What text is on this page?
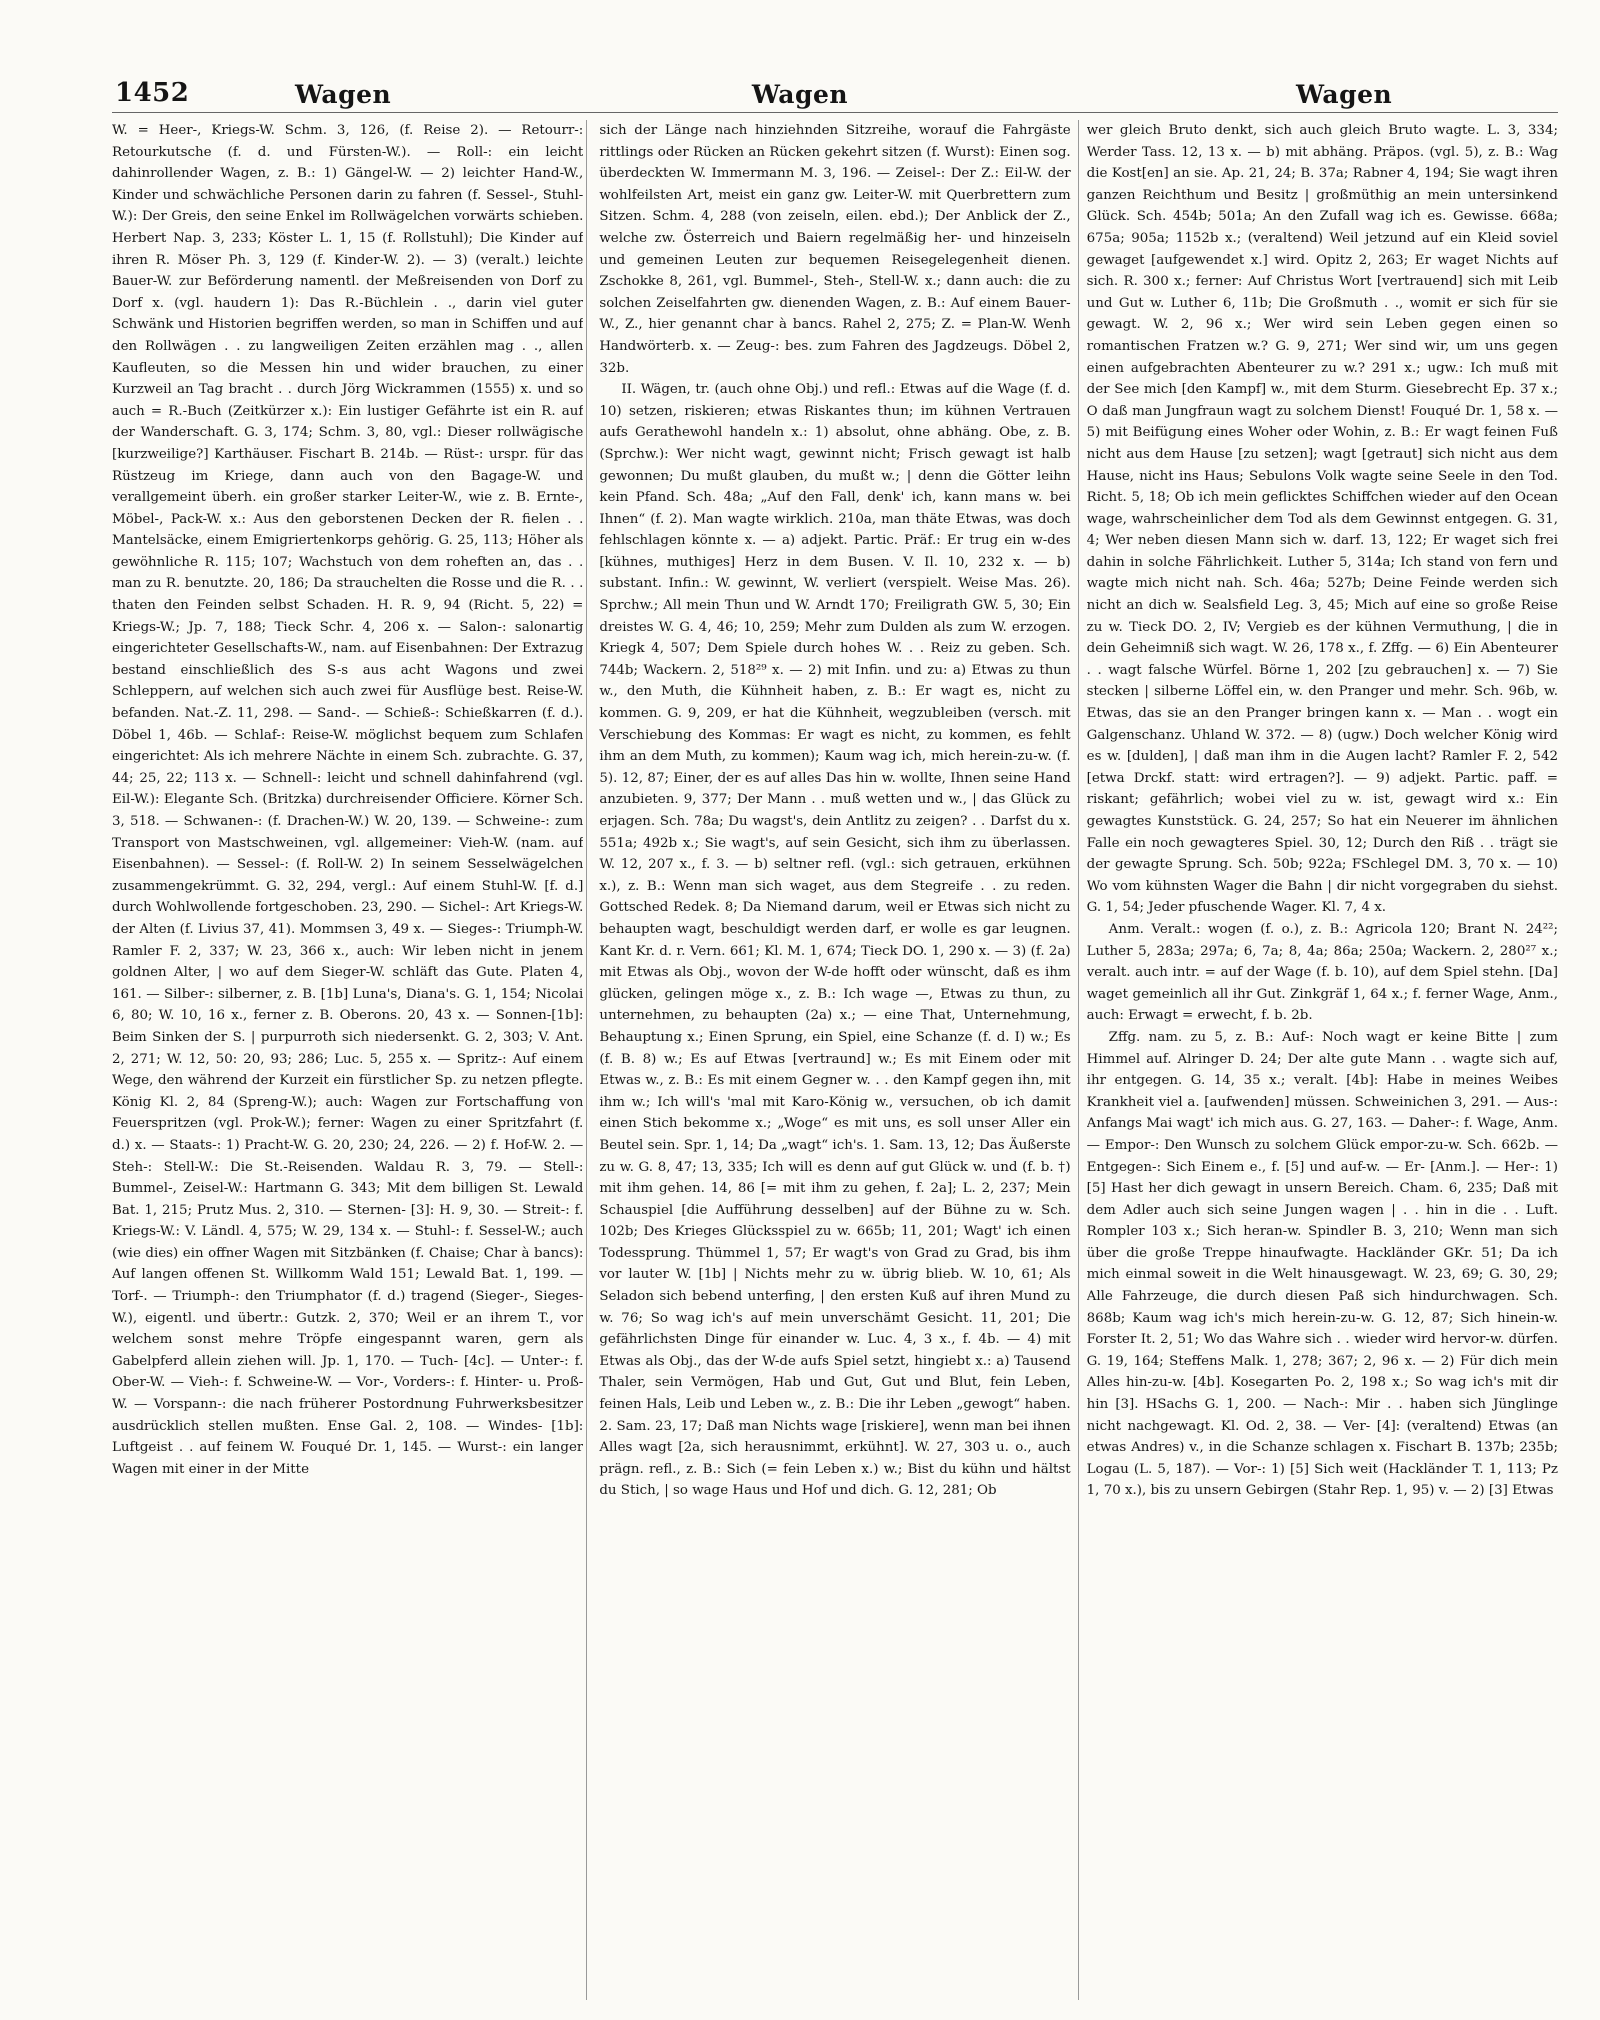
1452	Wagen	Wagen	Wagen

W. = Heer-, Kriegs-W. Schm. 3, 126, (f. Reise 2). — Retourr-: Retourkutsche (f. d. und Fürsten-W.). — Roll-: ein leicht dahinrollender Wagen, z. B.: 1) Gängel-W. — 2) leichter Hand-W., Kinder und schwächliche Personen darin zu fahren (f. Sessel-, Stuhl-W.): Der Greis, den seine Enkel im Rollwägelchen vorwärts schieben. Herbert Nap. 3, 233; Köster L. 1, 15 (f. Rollstuhl); Die Kinder auf ihren R. Möser Ph. 3, 129 (f. Kinder-W. 2). — 3) (veralt.) leichte Bauer-W. zur Beförderung namentl. der Meßreisenden von Dorf zu Dorf x. (vgl. haudern 1): Das R.-Büchlein . ., darin viel guter Schwänk und Historien begriffen werden, so man in Schiffen und auf den Rollwägen . . zu langweiligen Zeiten erzählen mag . ., allen Kaufleuten, so die Messen hin und wider brauchen, zu einer Kurzweil an Tag bracht . . durch Jörg Wickrammen (1555) x. und so auch = R.-Buch (Zeitkürzer x.): Ein lustiger Gefährte ist ein R. auf der Wanderschaft. G. 3, 174; Schm. 3, 80, vgl.: Dieser rollwägische [kurzweilige?] Karthäuser. Fischart B. 214b. — Rüst-: urspr. für das Rüstzeug im Kriege, dann auch von den Bagage-W. und verallgemeint überh. ein großer starker Leiter-W., wie z. B. Ernte-, Möbel-, Pack-W. x.: Aus den geborstenen Decken der R. fielen . . Mantelsäcke, einem Emigriertenkorps gehörig. G. 25, 113; Höher als gewöhnliche R. 115; 107; Wachstuch von dem roheften an, das . . man zu R. benutzte. 20, 186; Da strauchelten die Rosse und die R. . . thaten den Feinden selbst Schaden. H. R. 9, 94 (Richt. 5, 22) = Kriegs-W.; Jp. 7, 188; Tieck Schr. 4, 206 x. — Salon-: salonartig eingerichteter Gesellschafts-W., nam. auf Eisenbahnen: Der Extrazug bestand einschließlich des S-s aus acht Wagons und zwei Schleppern, auf welchen sich auch zwei für Ausflüge best. Reise-W. befanden. Nat.-Z. 11, 298. — Sand-. — Schieß-: Schießkarren (f. d.). Döbel 1, 46b. — Schlaf-: Reise-W. möglichst bequem zum Schlafen eingerichtet: Als ich mehrere Nächte in einem Sch. zubrachte. G. 37, 44; 25, 22; 113 x. — Schnell-: leicht und schnell dahinfahrend (vgl. Eil-W.): Elegante Sch. (Britzka) durchreisender Officiere. Körner Sch. 3, 518. — Schwanen-: (f. Drachen-W.) W. 20, 139. — Schweine-: zum Transport von Mastschweinen, vgl. allgemeiner: Vieh-W. (nam. auf Eisenbahnen). — Sessel-: (f. Roll-W. 2) In seinem Sesselwägelchen zusammengekrümmt. G. 32, 294, vergl.: Auf einem Stuhl-W. [f. d.] durch Wohlwollende fortgeschoben. 23, 290. — Sichel-: Art Kriegs-W. der Alten (f. Livius 37, 41). Mommsen 3, 49 x. — Sieges-: Triumph-W. Ramler F. 2, 337; W. 23, 366 x., auch: Wir leben nicht in jenem goldnen Alter, | wo auf dem Sieger-W. schläft das Gute. Platen 4, 161. — Silber-: silberner, z. B. [1b] Luna's, Diana's. G. 1, 154; Nicolai 6, 80; W. 10, 16 x., ferner z. B. Oberons. 20, 43 x. — Sonnen-[1b]: Beim Sinken der S. | purpurroth sich niedersenkt. G. 2, 303; V. Ant. 2, 271; W. 12, 50: 20, 93; 286; Luc. 5, 255 x. — Spritz-: Auf einem Wege, den während der Kurzeit ein fürstlicher Sp. zu netzen pflegte. König Kl. 2, 84 (Spreng-W.); auch: Wagen zur Fortschaffung von Feuerspritzen (vgl. Prok-W.); ferner: Wagen zu einer Spritzfahrt (f. d.) x. — Staats-: 1) Pracht-W. G. 20, 230; 24, 226. — 2) f. Hof-W. 2. — Steh-: Stell-W.: Die St.-Reisenden. Waldau R. 3, 79. — Stell-: Bummel-, Zeisel-W.: Hartmann G. 343; Mit dem billigen St. Lewald Bat. 1, 215; Prutz Mus. 2, 310. — Sternen- [3]: H. 9, 30. — Streit-: f. Kriegs-W.: V. Ländl. 4, 575; W. 29, 134 x. — Stuhl-: f. Sessel-W.; auch (wie dies) ein offner Wagen mit Sitzbänken (f. Chaise; Char à bancs): Auf langen offenen St. Willkomm Wald 151; Lewald Bat. 1, 199. — Torf-. — Triumph-: den Triumphator (f. d.) tragend (Sieger-, Sieges-W.), eigentl. und übertr.: Gutzk. 2, 370; Weil er an ihrem T., vor welchem sonst mehre Tröpfe eingespannt waren, gern als Gabelpferd allein ziehen will. Jp. 1, 170. — Tuch- [4c]. — Unter-: f. Ober-W. — Vieh-: f. Schweine-W. — Vor-, Vorders-: f. Hinter- u. Proß-W. — Vorspann-: die nach früherer Postordnung Fuhrwerksbesitzer ausdrücklich stellen mußten. Ense Gal. 2, 108. — Windes- [1b]: Luftgeist . . auf feinem W. Fouqué Dr. 1, 145. — Wurst-: ein langer Wagen mit einer in der Mitte

sich der Länge nach hinziehnden Sitzreihe, worauf die Fahrgäste rittlings oder Rücken an Rücken gekehrt sitzen (f. Wurst): Einen sog. überdeckten W. Immermann M. 3, 196. — Zeisel-: Der Z.: Eil-W. der wohlfeilsten Art, meist ein ganz gw. Leiter-W. mit Querbrettern zum Sitzen. Schm. 4, 288 (von zeiseln, eilen. ebd.); Der Anblick der Z., welche zw. Österreich und Baiern regelmäßig her- und hinzeiseln und gemeinen Leuten zur bequemen Reisegelegenheit dienen. Zschokke 8, 261, vgl. Bummel-, Steh-, Stell-W. x.; dann auch: die zu solchen Zeiselfahrten gw. dienenden Wagen, z. B.: Auf einem Bauer-W., Z., hier genannt char à bancs. Rahel 2, 275; Z. = Plan-W. Wenh Handwörterb. x. — Zeug-: bes. zum Fahren des Jagdzeugs. Döbel 2, 32b.

II. Wägen, tr. (auch ohne Obj.) und refl.: Etwas auf die Wage (f. d. 10) setzen, riskieren; etwas Riskantes thun; im kühnen Vertrauen aufs Gerathewohl handeln x.: 1) absolut, ohne abhäng. Obe, z. B. (Sprchw.): Wer nicht wagt, gewinnt nicht; Frisch gewagt ist halb gewonnen; Du mußt glauben, du mußt w.; | denn die Götter leihn kein Pfand. Sch. 48a; „Auf den Fall, denk' ich, kann mans w. bei Ihnen“ (f. 2). Man wagte wirklich. 210a, man thäte Etwas, was doch fehlschlagen könnte x. — a) adjekt. Partic. Präf.: Er trug ein w-des [kühnes, muthiges] Herz in dem Busen. V. Il. 10, 232 x. — b) substant. Infin.: W. gewinnt, W. verliert (verspielt. Weise Mas. 26). Sprchw.; All mein Thun und W. Arndt 170; Freiligrath GW. 5, 30; Ein dreistes W. G. 4, 46; 10, 259; Mehr zum Dulden als zum W. erzogen. Kriegk 4, 507; Dem Spiele durch hohes W. . . Reiz zu geben. Sch. 744b; Wackern. 2, 518²⁹ x. — 2) mit Infin. und zu: a) Etwas zu thun w., den Muth, die Kühnheit haben, z. B.: Er wagt es, nicht zu kommen. G. 9, 209, er hat die Kühnheit, wegzubleiben (versch. mit Verschiebung des Kommas: Er wagt es nicht, zu kommen, es fehlt ihm an dem Muth, zu kommen); Kaum wag ich, mich herein-zu-w. (f. 5). 12, 87; Einer, der es auf alles Das hin w. wollte, Ihnen seine Hand anzubieten. 9, 377; Der Mann . . muß wetten und w., | das Glück zu erjagen. Sch. 78a; Du wagst's, dein Antlitz zu zeigen? . . Darfst du x. 551a; 492b x.; Sie wagt's, auf sein Gesicht, sich ihm zu überlassen. W. 12, 207 x., f. 3. — b) seltner refl. (vgl.: sich getrauen, erkühnen x.), z. B.: Wenn man sich waget, aus dem Stegreife . . zu reden. Gottsched Redek. 8; Da Niemand darum, weil er Etwas sich nicht zu behaupten wagt, beschuldigt werden darf, er wolle es gar leugnen. Kant Kr. d. r. Vern. 661; Kl. M. 1, 674; Tieck DO. 1, 290 x. — 3) (f. 2a) mit Etwas als Obj., wovon der W-de hofft oder wünscht, daß es ihm glücken, gelingen möge x., z. B.: Ich wage —, Etwas zu thun, zu unternehmen, zu behaupten (2a) x.; — eine That, Unternehmung, Behauptung x.; Einen Sprung, ein Spiel, eine Schanze (f. d. I) w.; Es (f. B. 8) w.; Es auf Etwas [vertraund] w.; Es mit Einem oder mit Etwas w., z. B.: Es mit einem Gegner w. . . den Kampf gegen ihn, mit ihm w.; Ich will's 'mal mit Karo-König w., versuchen, ob ich damit einen Stich bekomme x.; „Woge“ es mit uns, es soll unser Aller ein Beutel sein. Spr. 1, 14; Da „wagt“ ich's. 1. Sam. 13, 12; Das Äußerste zu w. G. 8, 47; 13, 335; Ich will es denn auf gut Glück w. und (f. b. †) mit ihm gehen. 14, 86 [= mit ihm zu gehen, f. 2a]; L. 2, 237; Mein Schauspiel [die Aufführung desselben] auf der Bühne zu w. Sch. 102b; Des Krieges Glücksspiel zu w. 665b; 11, 201; Wagt' ich einen Todessprung. Thümmel 1, 57; Er wagt's von Grad zu Grad, bis ihm vor lauter W. [1b] | Nichts mehr zu w. übrig blieb. W. 10, 61; Als Seladon sich bebend unterfing, | den ersten Kuß auf ihren Mund zu w. 76; So wag ich's auf mein unverschämt Gesicht. 11, 201; Die gefährlichsten Dinge für einander w. Luc. 4, 3 x., f. 4b. — 4) mit Etwas als Obj., das der W-de aufs Spiel setzt, hingiebt x.: a) Tausend Thaler, sein Vermögen, Hab und Gut, Gut und Blut, fein Leben, feinen Hals, Leib und Leben w., z. B.: Die ihr Leben „gewogt“ haben. 2. Sam. 23, 17; Daß man Nichts wage [riskiere], wenn man bei ihnen Alles wagt [2a, sich herausnimmt, erkühnt]. W. 27, 303 u. o., auch prägn. refl., z. B.: Sich (= fein Leben x.) w.; Bist du kühn und hältst du Stich, | so wage Haus und Hof und dich. G. 12, 281; Ob

wer gleich Bruto denkt, sich auch gleich Bruto wagte. L. 3, 334; Werder Tass. 12, 13 x. — b) mit abhäng. Präpos. (vgl. 5), z. B.: Wag die Kost[en] an sie. Ap. 21, 24; B. 37a; Rabner 4, 194; Sie wagt ihren ganzen Reichthum und Besitz | großmüthig an mein untersinkend Glück. Sch. 454b; 501a; An den Zufall wag ich es. Gewisse. 668a; 675a; 905a; 1152b x.; (veraltend) Weil jetzund auf ein Kleid soviel gewaget [aufgewendet x.] wird. Opitz 2, 263; Er waget Nichts auf sich. R. 300 x.; ferner: Auf Christus Wort [vertrauend] sich mit Leib und Gut w. Luther 6, 11b; Die Großmuth . ., womit er sich für sie gewagt. W. 2, 96 x.; Wer wird sein Leben gegen einen so romantischen Fratzen w.? G. 9, 271; Wer sind wir, um uns gegen einen aufgebrachten Abenteurer zu w.? 291 x.; ugw.: Ich muß mit der See mich [den Kampf] w., mit dem Sturm. Giesebrecht Ep. 37 x.; O daß man Jungfraun wagt zu solchem Dienst! Fouqué Dr. 1, 58 x. — 5) mit Beifügung eines Woher oder Wohin, z. B.: Er wagt feinen Fuß nicht aus dem Hause [zu setzen]; wagt [getraut] sich nicht aus dem Hause, nicht ins Haus; Sebulons Volk wagte seine Seele in den Tod. Richt. 5, 18; Ob ich mein geflicktes Schiffchen wieder auf den Ocean wage, wahrscheinlicher dem Tod als dem Gewinnst entgegen. G. 31, 4; Wer neben diesen Mann sich w. darf. 13, 122; Er waget sich frei dahin in solche Fährlichkeit. Luther 5, 314a; Ich stand von fern und wagte mich nicht nah. Sch. 46a; 527b; Deine Feinde werden sich nicht an dich w. Sealsfield Leg. 3, 45; Mich auf eine so große Reise zu w. Tieck DO. 2, IV; Vergieb es der kühnen Vermuthung, | die in dein Geheimniß sich wagt. W. 26, 178 x., f. Zffg. — 6) Ein Abenteurer . . wagt falsche Würfel. Börne 1, 202 [zu gebrauchen] x. — 7) Sie stecken | silberne Löffel ein, w. den Pranger und mehr. Sch. 96b, w. Etwas, das sie an den Pranger bringen kann x. — Man . . wogt ein Galgenschanz. Uhland W. 372. — 8) (ugw.) Doch welcher König wird es w. [dulden], | daß man ihm in die Augen lacht? Ramler F. 2, 542 [etwa Drckf. statt: wird ertragen?]. — 9) adjekt. Partic. paff. = riskant; gefährlich; wobei viel zu w. ist, gewagt wird x.: Ein gewagtes Kunststück. G. 24, 257; So hat ein Neuerer im ähnlichen Falle ein noch gewagteres Spiel. 30, 12; Durch den Riß . . trägt sie der gewagte Sprung. Sch. 50b; 922a; FSchlegel DM. 3, 70 x. — 10) Wo vom kühnsten Wager die Bahn | dir nicht vorgegraben du siehst. G. 1, 54; Jeder pfuschende Wager. Kl. 7, 4 x.

Anm. Veralt.: wogen (f. o.), z. B.: Agricola 120; Brant N. 24²²; Luther 5, 283a; 297a; 6, 7a; 8, 4a; 86a; 250a; Wackern. 2, 280²⁷ x.; veralt. auch intr. = auf der Wage (f. b. 10), auf dem Spiel stehn. [Da] waget gemeinlich all ihr Gut. Zinkgräf 1, 64 x.; f. ferner Wage, Anm., auch: Erwagt = erwecht, f. b. 2b.

Zffg. nam. zu 5, z. B.: Auf-: Noch wagt er keine Bitte | zum Himmel auf. Alringer D. 24; Der alte gute Mann . . wagte sich auf, ihr entgegen. G. 14, 35 x.; veralt. [4b]: Habe in meines Weibes Krankheit viel a. [aufwenden] müssen. Schweinichen 3, 291. — Aus-: Anfangs Mai wagt' ich mich aus. G. 27, 163. — Daher-: f. Wage, Anm. — Empor-: Den Wunsch zu solchem Glück empor-zu-w. Sch. 662b. — Entgegen-: Sich Einem e., f. [5] und auf-w. — Er- [Anm.]. — Her-: 1) [5] Hast her dich gewagt in unsern Bereich. Cham. 6, 235; Daß mit dem Adler auch sich seine Jungen wagen | . . hin in die . . Luft. Rompler 103 x.; Sich heran-w. Spindler B. 3, 210; Wenn man sich über die große Treppe hinaufwagte. Hackländer GKr. 51; Da ich mich einmal soweit in die Welt hinausgewagt. W. 23, 69; G. 30, 29; Alle Fahrzeuge, die durch diesen Paß sich hindurchwagen. Sch. 868b; Kaum wag ich's mich herein-zu-w. G. 12, 87; Sich hinein-w. Forster It. 2, 51; Wo das Wahre sich . . wieder wird hervor-w. dürfen. G. 19, 164; Steffens Malk. 1, 278; 367; 2, 96 x. — 2) Für dich mein Alles hin-zu-w. [4b]. Kosegarten Po. 2, 198 x.; So wag ich's mit dir hin [3]. HSachs G. 1, 200. — Nach-: Mir . . haben sich Jünglinge nicht nachgewagt. Kl. Od. 2, 38. — Ver- [4]: (veraltend) Etwas (an etwas Andres) v., in die Schanze schlagen x. Fischart B. 137b; 235b; Logau (L. 5, 187). — Vor-: 1) [5] Sich weit (Hackländer T. 1, 113; Pz 1, 70 x.), bis zu unsern Gebirgen (Stahr Rep. 1, 95) v. — 2) [3] Etwas
